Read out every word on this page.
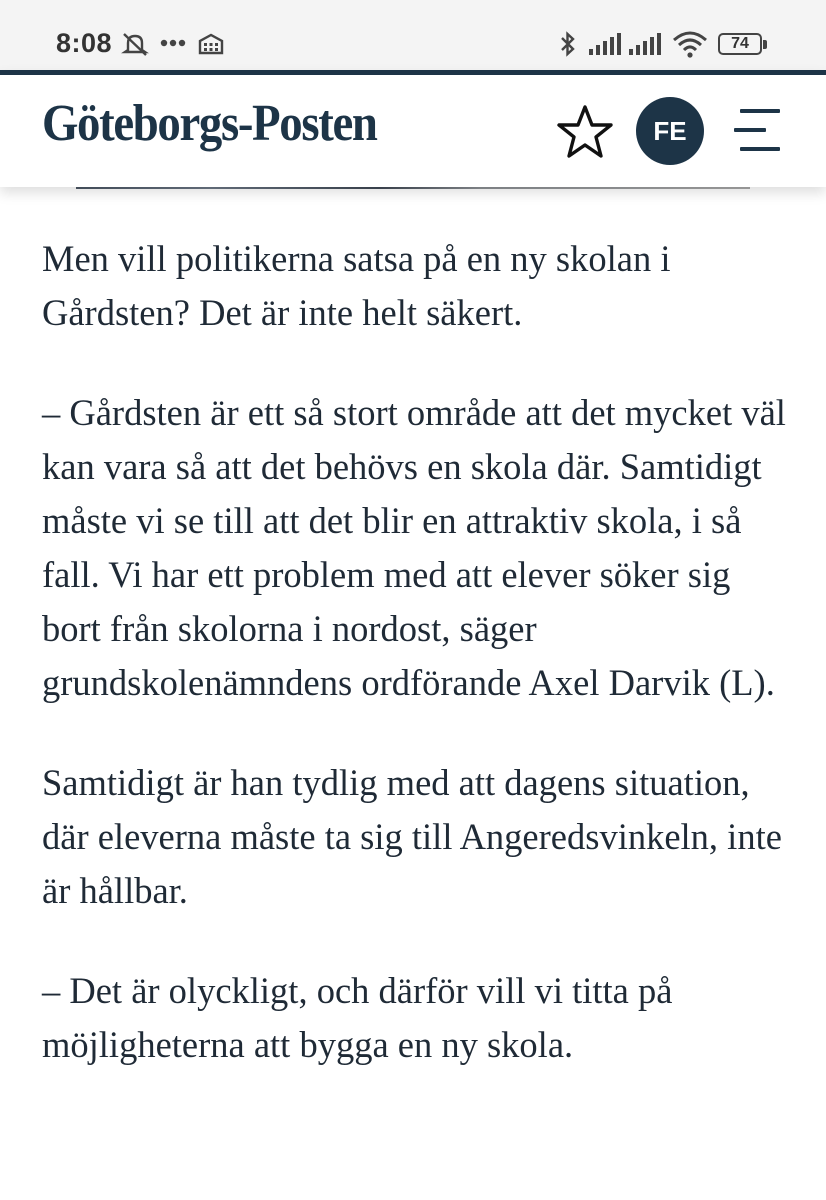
8:08	74
Göteborgs-Posten	FE

Men vill politikerna satsa på en ny skolan i Gårdsten? Det är inte helt säkert.

– Gårdsten är ett så stort område att det mycket väl kan vara så att det behövs en skola där. Samtidigt måste vi se till att det blir en attraktiv skola, i så fall. Vi har ett problem med att elever söker sig bort från skolorna i nordost, säger grundskolenämndens ordförande Axel Darvik (L).

Samtidigt är han tydlig med att dagens situation, där eleverna måste ta sig till Angeredsvinkeln, inte är hållbar.

– Det är olyckligt, och därför vill vi titta på möjligheterna att bygga en ny skola.
